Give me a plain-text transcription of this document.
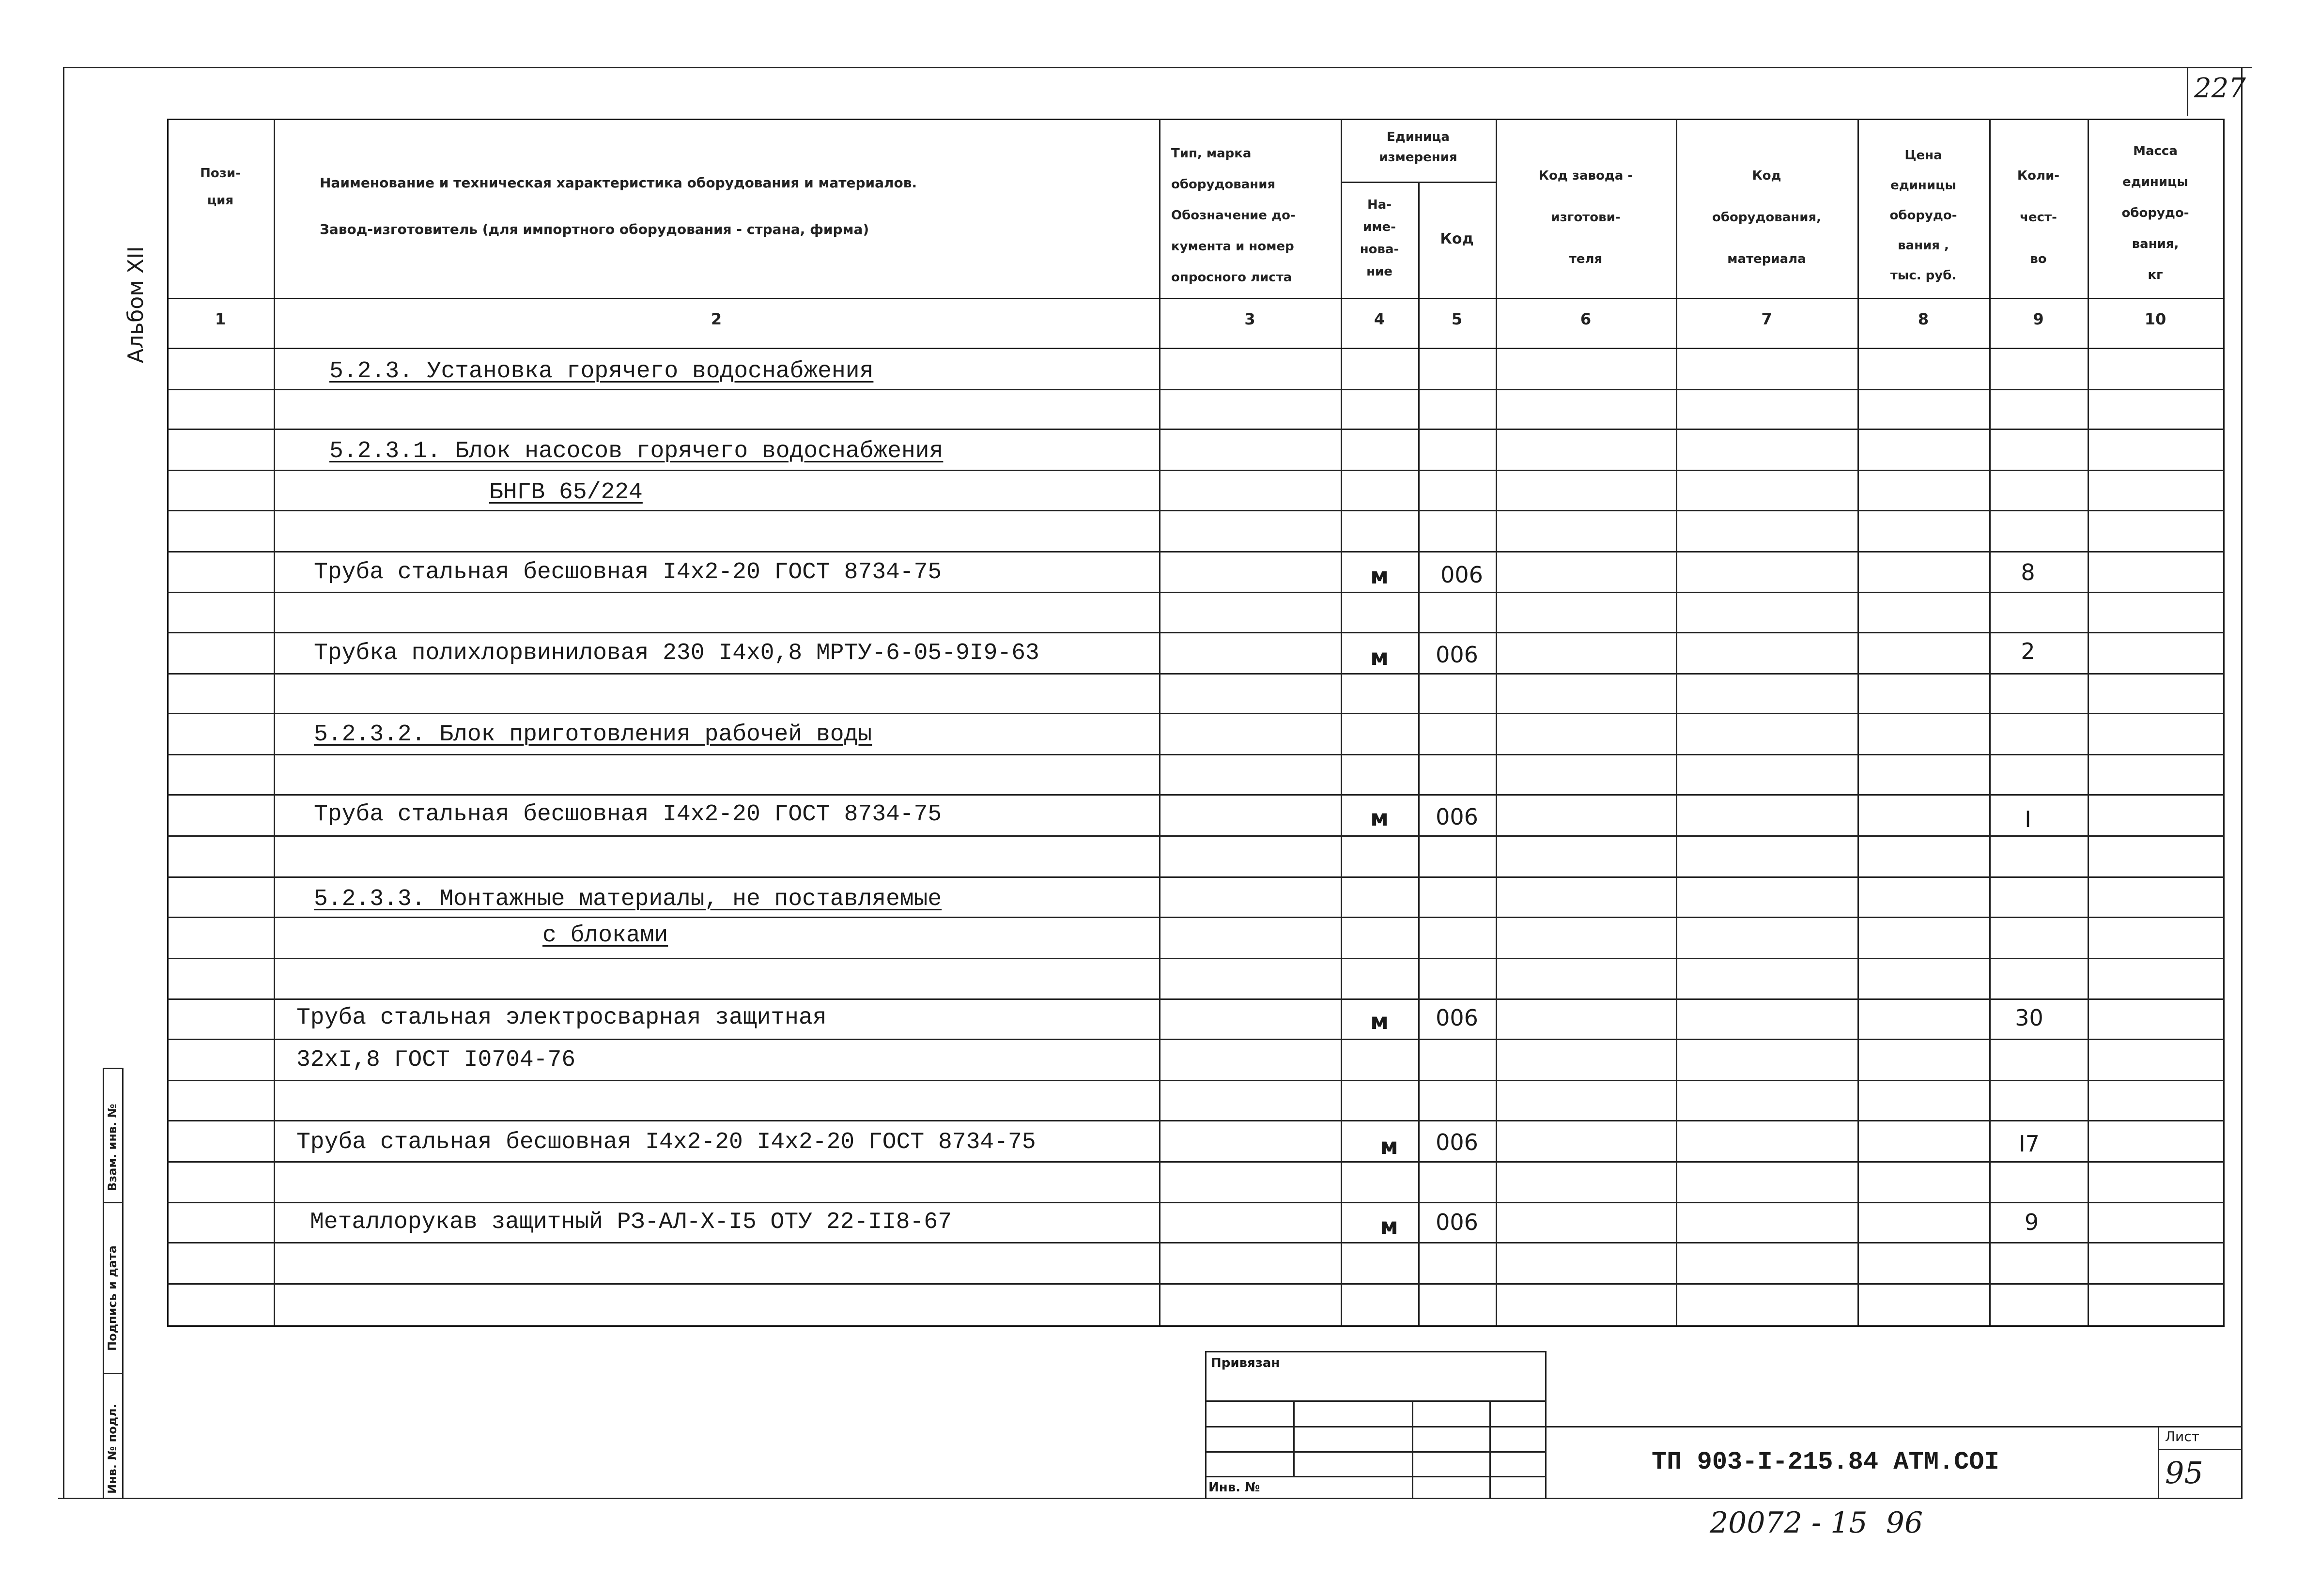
227
Альбом XII
Пози-
ция
Наименование и техническая характеристика оборудования и материалов.
Завод-изготовитель (для импортного оборудования - страна, фирма)
Тип, марка
оборудования
Обозначение до-
кумента и номер
опросного листа
Единица
измерения
На-
име-
нова-
ние
Код
Код завода -
изготови-
теля
Код
оборудования,
материала
Цена
единицы
оборудо-
вания ,
тыс. руб.
Коли-
чест-
во
Масса
единицы
оборудо-
вания,
кг
1	2	3	4	5	6	7	8	9	10
5.2.3. Установка горячего водоснабжения
5.2.3.1. Блок насосов горячего водоснабжения
БНГВ 65/224
Труба стальная бесшовная I4х2-20 ГОСТ 8734-75	м	006	8
Трубка полихлорвиниловая 230 I4х0,8 МРТУ-6-05-9I9-63	м	006	2
5.2.3.2. Блок приготовления рабочей воды
Труба стальная бесшовная I4х2-20 ГОСТ 8734-75	м	006	I
5.2.3.3. Монтажные материалы, не поставляемые
с блоками
Труба стальная электросварная защитная	м	006	30
32хI,8 ГОСТ I0704-76
Труба стальная бесшовная I4х2-20 I4х2-20 ГОСТ 8734-75	м	006	I7
Металлорукав защитный РЗ-АЛ-Х-I5 ОТУ 22-II8-67	м	006	9
Инв. № подл.
Подпись и дата
Взам. инв. №
Привязан
Инв. №
ТП 903-I-215.84 АТМ.COI
Лист
95
20072 - 15  96
